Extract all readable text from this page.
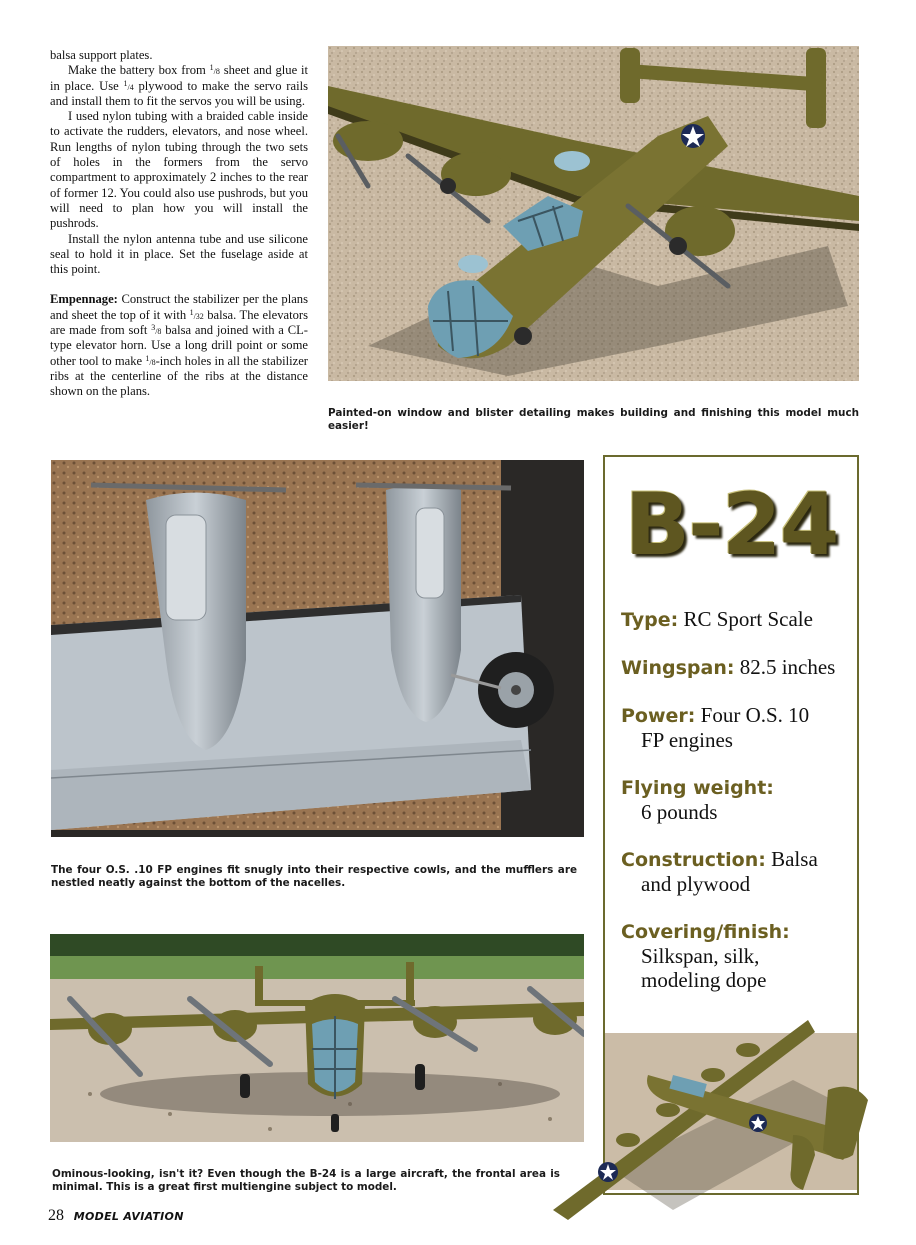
balsa support plates.

Make the battery box from $^1$/8 sheet and glue it in place. Use $^1$/4 plywood to make the servo rails and install them to fit the servos you will be using.

I used nylon tubing with a braided cable inside to activate the rudders, elevators, and nose wheel. Run lengths of nylon tubing through the two sets of holes in the formers from the servo compartment to approximately 2 inches to the rear of former 12. You could also use pushrods, but you will need to plan how you will install the pushrods.

Install the nylon antenna tube and use silicone seal to hold it in place. Set the fuselage aside at this point.

Empennage: Construct the stabilizer per the plans and sheet the top of it with $^1$/32 balsa. The elevators are made from soft $^3$/8 balsa and joined with a CL-type elevator horn. Use a long drill point or some other tool to make $^1$/8-inch holes in all the stabilizer ribs at the centerline of the ribs at the distance shown on the plans.

Painted-on window and blister detailing makes building and finishing this model much easier!
The four O.S. .10 FP engines fit snugly into their respective cowls, and the mufflers are nestled neatly against the bottom of the nacelles.
Ominous-looking, isn't it? Even though the B-24 is a large aircraft, the frontal area is minimal. This is a great first multiengine subject to model.
B-24
Type: RC Sport Scale
Wingspan: 82.5 inches
Power: Four O.S. 10
FP engines
Flying weight:
6 pounds
Construction: Balsa
and plywood
Covering/finish:
Silkspan, silk,
modeling dope
28 MODEL AVIATION
